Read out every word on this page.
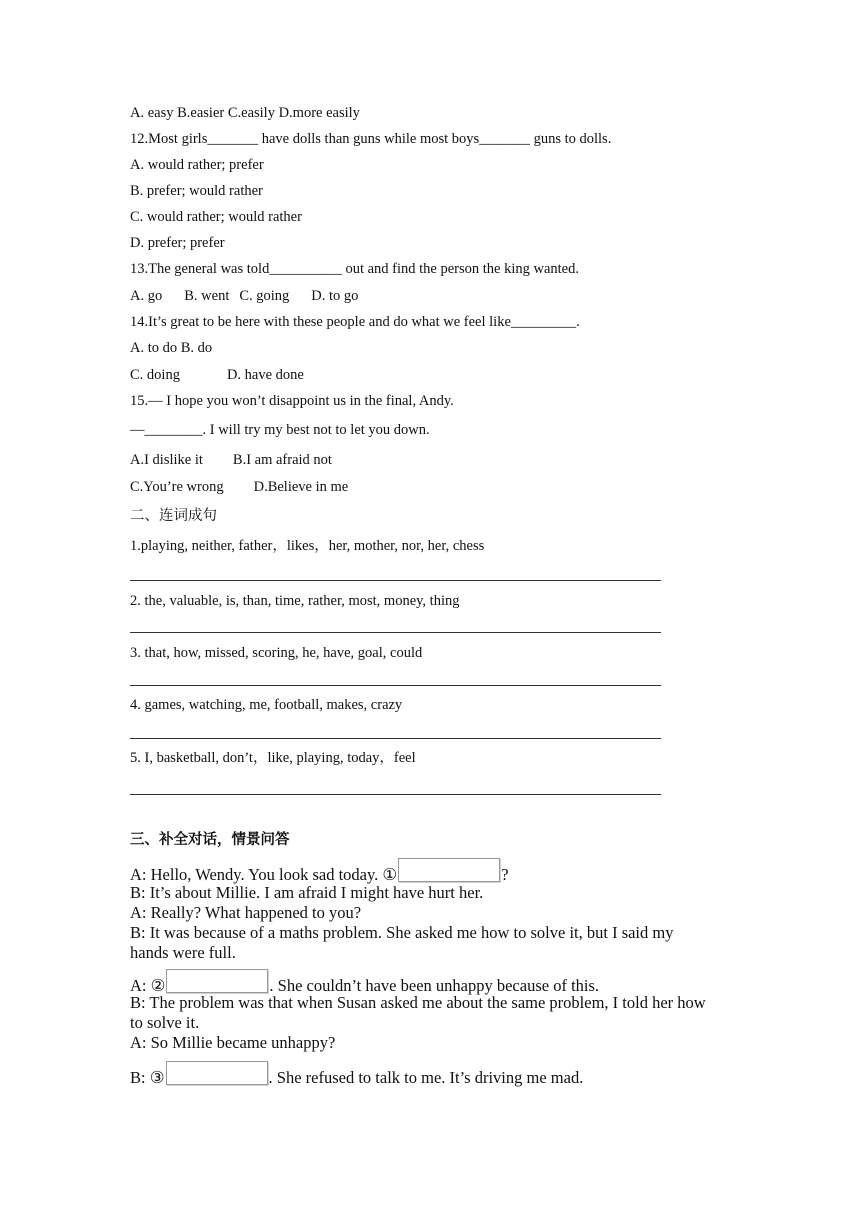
A. easy B.easier C.easily D.more easily
12.Most girls_______ have dolls than guns while most boys_______ guns to dolls.
A. would rather; prefer
B. prefer; would rather
C. would rather; would rather
D. prefer; prefer
13.The general was told__________ out and find the person the king wanted.
A. go B. went C. going D. to go
14.It’s great to be here with these people and do what we feel like_________.
A. to do B. do
C. doing	D. have done
15.— I hope you won’t disappoint us in the final, Andy.
—________. I will try my best not to let you down.
A.I dislike it B.I am afraid not
C.You’re wrong D.Believe in me
二、连词成句
1.playing, neither, father，likes，her, mother, nor, her, chess
2. the, valuable, is, than, time, rather, most, money, thing
3. that, how, missed, scoring, he, have, goal, could
4. games, watching, me, football, makes, crazy
5. I, basketball, don’t，like, playing, today，feel
三、补全对话，情景问答
A: Hello, Wendy. You look sad today. ①	?
B: It’s about Millie. I am afraid I might have hurt her.
A: Really? What happened to you?
B: It was because of a maths problem. She asked me how to solve it, but I said my hands were full.
A: ②	. She couldn’t have been unhappy because of this.
B: The problem was that when Susan asked me about the same problem, I told her how to solve it.
A: So Millie became unhappy?
B: ③	. She refused to talk to me. It’s driving me mad.
